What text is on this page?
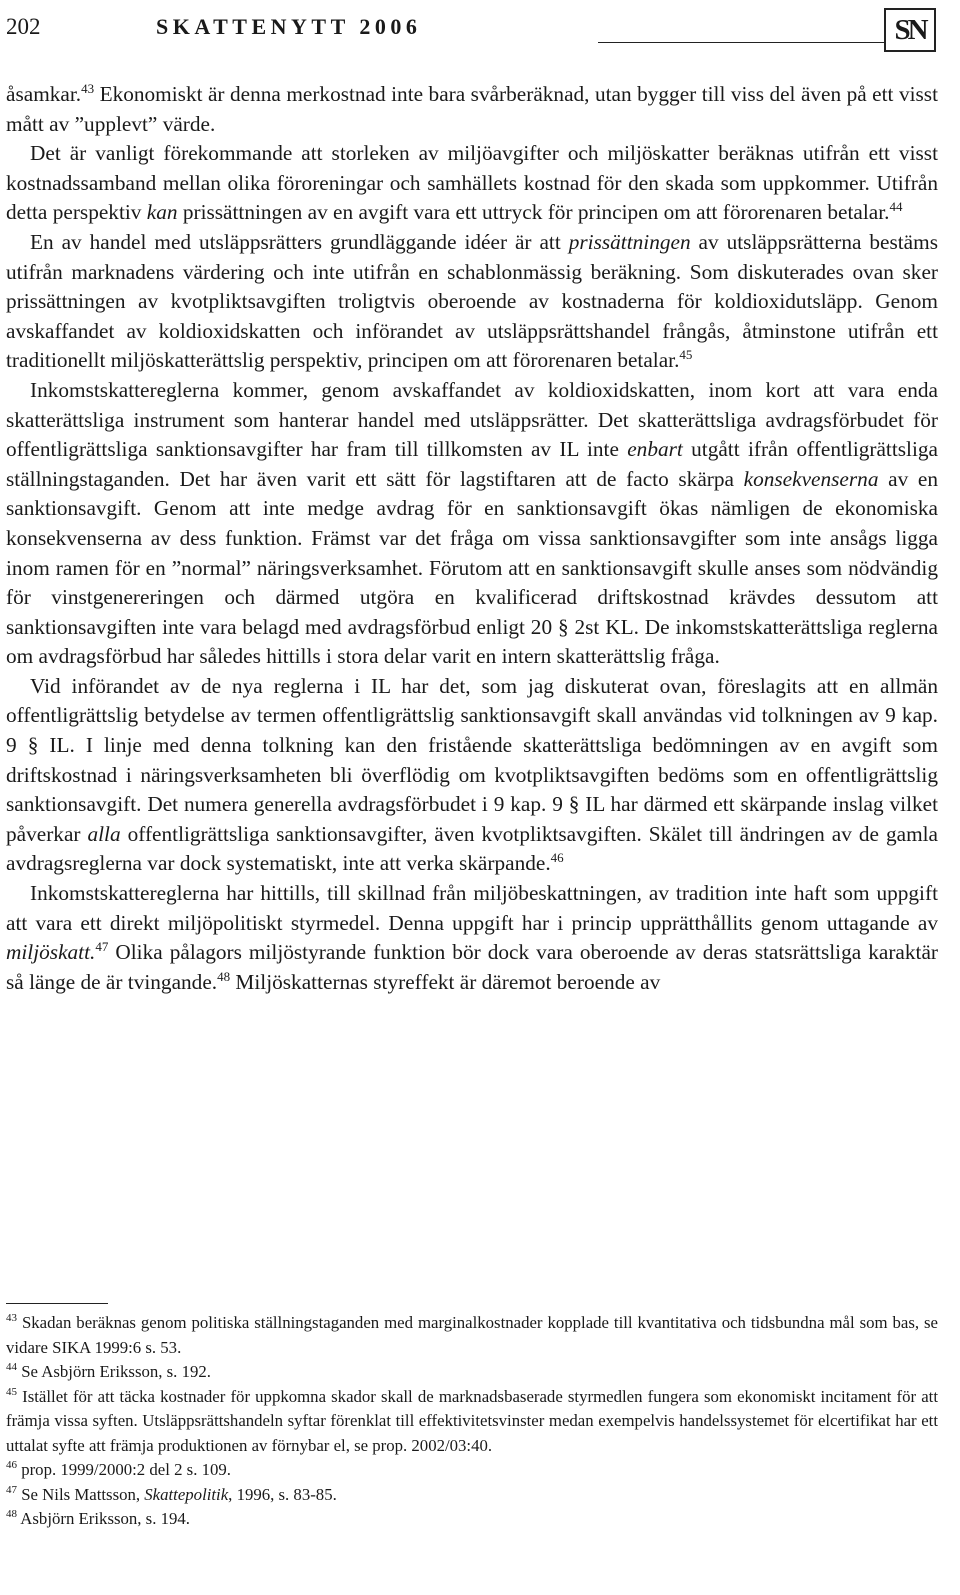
202	SKATTENYTT 2006	SN

åsamkar.$^{43}$ Ekonomiskt är denna merkostnad inte bara svårberäknad, utan bygger till viss del även på ett visst mått av ”upplevt” värde.

Det är vanligt förekommande att storleken av miljöavgifter och miljöskatter beräknas utifrån ett visst kostnadssamband mellan olika föroreningar och samhällets kostnad för den skada som uppkommer. Utifrån detta perspektiv kan prissättningen av en avgift vara ett uttryck för principen om att förorenaren betalar.$^{44}$

En av handel med utsläppsrätters grundläggande idéer är att prissättningen av utsläppsrätterna bestäms utifrån marknadens värdering och inte utifrån en schablonmässig beräkning. Som diskuterades ovan sker prissättningen av kvotpliktsavgiften troligtvis oberoende av kostnaderna för koldioxidutsläpp. Genom avskaffandet av koldioxidskatten och införandet av utsläppsrättshandel frångås, åtminstone utifrån ett traditionellt miljöskatterättslig perspektiv, principen om att förorenaren betalar.$^{45}$

Inkomstskattereglerna kommer, genom avskaffandet av koldioxidskatten, inom kort att vara enda skatterättsliga instrument som hanterar handel med utsläppsrätter. Det skatterättsliga avdragsförbudet för offentligrättsliga sanktionsavgifter har fram till tillkomsten av IL inte enbart utgått ifrån offentligrättsliga ställningstaganden. Det har även varit ett sätt för lagstiftaren att de facto skärpa konsekvenserna av en sanktionsavgift. Genom att inte medge avdrag för en sanktionsavgift ökas nämligen de ekonomiska konsekvenserna av dess funktion. Främst var det fråga om vissa sanktionsavgifter som inte ansågs ligga inom ramen för en ”normal” näringsverksamhet. Förutom att en sanktionsavgift skulle anses som nödvändig för vinstgenereringen och därmed utgöra en kvalificerad driftskostnad krävdes dessutom att sanktionsavgiften inte vara belagd med avdragsförbud enligt 20 § 2st KL. De inkomstskatterättsliga reglerna om avdragsförbud har således hittills i stora delar varit en intern skatterättslig fråga.

Vid införandet av de nya reglerna i IL har det, som jag diskuterat ovan, föreslagits att en allmän offentligrättslig betydelse av termen offentligrättslig sanktionsavgift skall användas vid tolkningen av 9 kap. 9 § IL. I linje med denna tolkning kan den fristående skatterättsliga bedömningen av en avgift som driftskostnad i näringsverksamheten bli överflödig om kvotpliktsavgiften bedöms som en offentligrättslig sanktionsavgift. Det numera generella avdragsförbudet i 9 kap. 9 § IL har därmed ett skärpande inslag vilket påverkar alla offentligrättsliga sanktionsavgifter, även kvotpliktsavgiften. Skälet till ändringen av de gamla avdragsreglerna var dock systematiskt, inte att verka skärpande.$^{46}$

Inkomstskattereglerna har hittills, till skillnad från miljöbeskattningen, av tradition inte haft som uppgift att vara ett direkt miljöpolitiskt styrmedel. Denna uppgift har i princip upprätthållits genom uttagande av miljöskatt.$^{47}$ Olika pålagors miljöstyrande funktion bör dock vara oberoende av deras statsrättsliga karaktär så länge de är tvingande.$^{48}$ Miljöskatternas styreffekt är däremot beroende av

$^{43}$ Skadan beräknas genom politiska ställningstaganden med marginalkostnader kopplade till kvantitativa och tidsbundna mål som bas, se vidare SIKA 1999:6 s. 53.

$^{44}$ Se Asbjörn Eriksson, s. 192.

$^{45}$ Istället för att täcka kostnader för uppkomna skador skall de marknadsbaserade styrmedlen fungera som ekonomiskt incitament för att främja vissa syften. Utsläppsrättshandeln syftar förenklat till effektivitetsvinster medan exempelvis handelssystemet för elcertifikat har ett uttalat syfte att främja produktionen av förnybar el, se prop. 2002/03:40.

$^{46}$ prop. 1999/2000:2 del 2 s. 109.

$^{47}$ Se Nils Mattsson, Skattepolitik, 1996, s. 83-85.

$^{48}$ Asbjörn Eriksson, s. 194.
